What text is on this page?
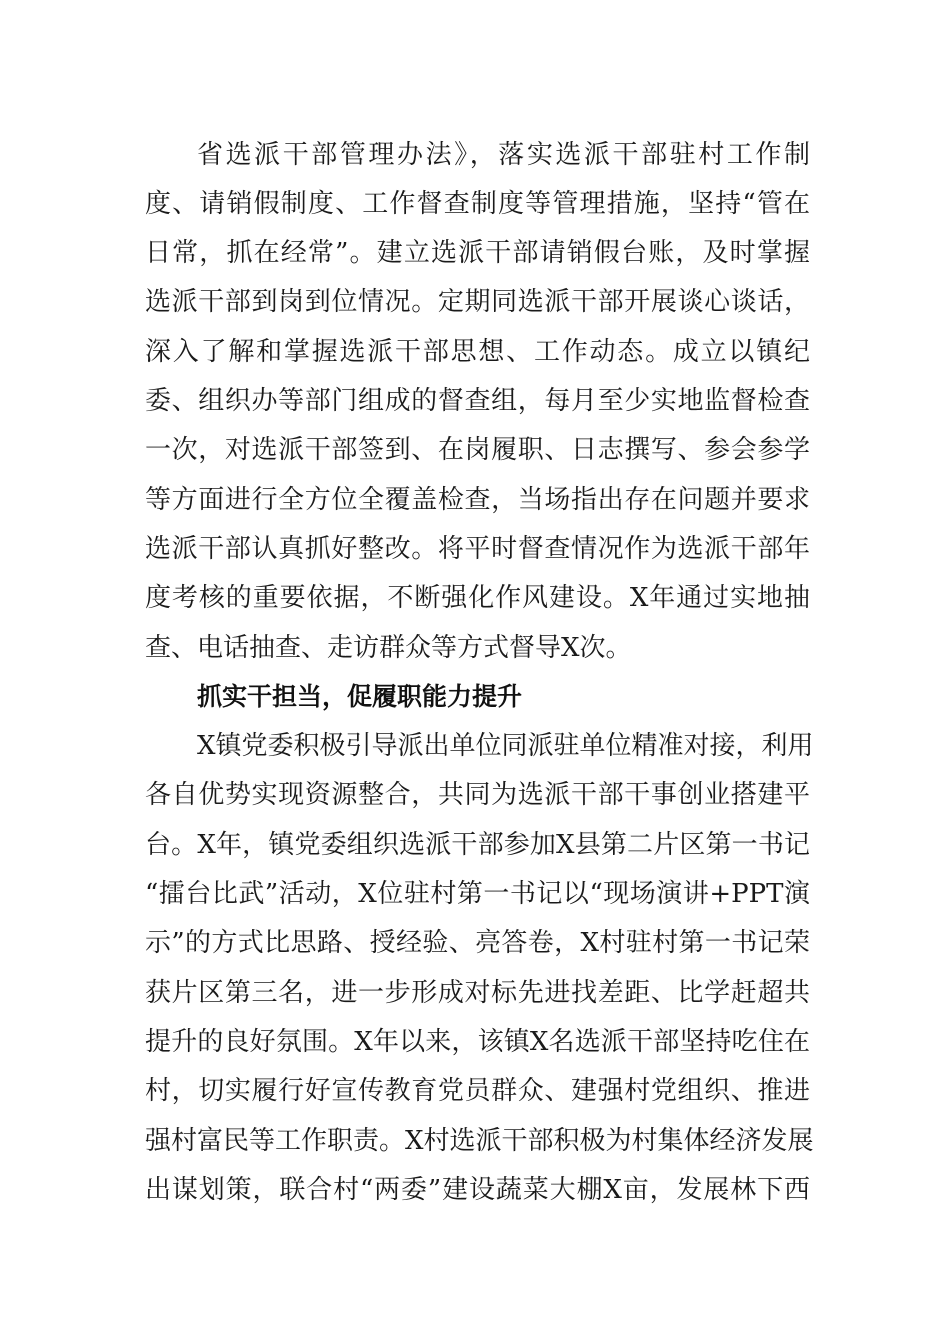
省选派干部管理办法》，落实选派干部驻村工作制
度、请销假制度、工作督查制度等管理措施，坚持“管在
日常，抓在经常”。建立选派干部请销假台账，及时掌握
选派干部到岗到位情况。定期同选派干部开展谈心谈话，
深入了解和掌握选派干部思想、工作动态。成立以镇纪
委、组织办等部门组成的督查组，每月至少实地监督检查
一次，对选派干部签到、在岗履职、日志撰写、参会参学
等方面进行全方位全覆盖检查，当场指出存在问题并要求
选派干部认真抓好整改。将平时督查情况作为选派干部年
度考核的重要依据，不断强化作风建设。X年通过实地抽
查、电话抽查、走访群众等方式督导X次。
抓实干担当，促履职能力提升
X镇党委积极引导派出单位同派驻单位精准对接，利用
各自优势实现资源整合，共同为选派干部干事创业搭建平
台。X年，镇党委组织选派干部参加X县第二片区第一书记
“擂台比武”活动，X位驻村第一书记以“现场演讲+PPT演
示”的方式比思路、授经验、亮答卷，X村驻村第一书记荣
获片区第三名，进一步形成对标先进找差距、比学赶超共
提升的良好氛围。X年以来，该镇X名选派干部坚持吃住在
村，切实履行好宣传教育党员群众、建强村党组织、推进
强村富民等工作职责。X村选派干部积极为村集体经济发展
出谋划策，联合村“两委”建设蔬菜大棚X亩，发展林下西
